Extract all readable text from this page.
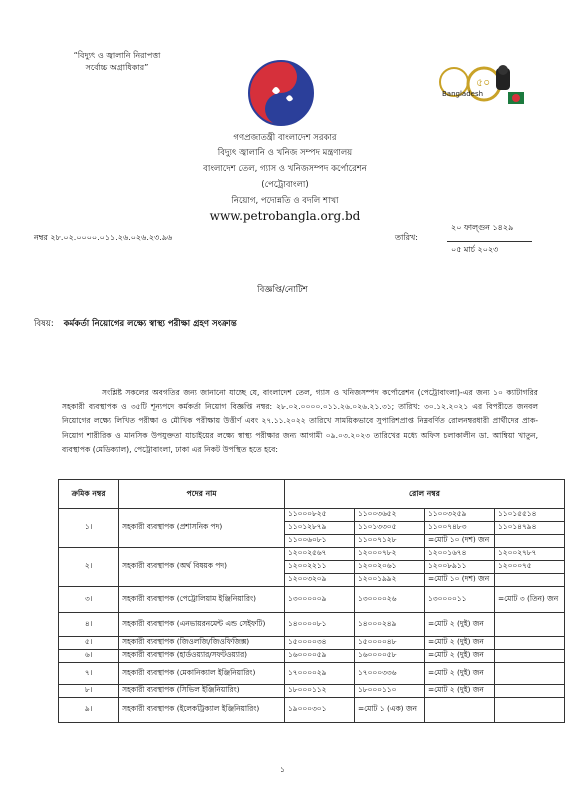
“বিদ্যুৎ ও জ্বালানি নিরাপত্তা
সর্বোচ্চ অগ্রাধিকার”
Bangladesh
৫০
গণপ্রজাতন্ত্রী বাংলাদেশ সরকার
বিদ্যুৎ জ্বালানি ও খনিজ সম্পদ মন্ত্রণালয়
বাংলাদেশ তেল, গ্যাস ও খনিজসম্পদ কর্পোরেশন
(পেট্রোবাংলা)
নিয়োগ, পদোন্নতি ও বদলি শাখা
www.petrobangla.org.bd
নম্বর ২৮.০২.০০০০.০১১.২৬.০২৬.২৩.৯৬	তারিখ:
২০ ফাল্গুন ১৪২৯
০৫ মার্চ ২০২৩
বিজ্ঞপ্তি/নোটিশ
বিষয়: কর্মকর্তা নিয়োগের লক্ষ্যে স্বাস্থ্য পরীক্ষা গ্রহণ সংক্রান্ত
সংশ্লিষ্ট সকলের অবগতির জন্য জানানো যাচ্ছে যে, বাংলাদেশ তেল, গ্যাস ও খনিজসম্পদ কর্পোরেশন (পেট্রোবাংলা)-এর জন্য ১০ ক্যাটাগরির সহকারী ব্যবস্থাপক ও ৩৫টি শূন্যপদে কর্মকর্তা নিয়োগ বিজ্ঞপ্তি নম্বর: ২৮.০২.০০০০.০১১.২৬.০২৬.২১.৩১; তারিখ: ৩০.১২.২০২১ এর বিপরীতে জনবল নিয়োগের লক্ষ্যে লিখিত পরীক্ষা ও মৌখিক পরীক্ষায় উত্তীর্ণ এবং ২৭.১১.২০২২ তারিখে সাময়িকভাবে সুপারিশপ্রাপ্ত নিম্নবর্ণিত রোলনম্বরধারী প্রার্থীদের প্রাক-নিয়োগ শারীরিক ও মানসিক উপযুক্ততা যাচাইয়ের লক্ষ্যে স্বাস্থ্য পরীক্ষার জন্য আগামী ০৯.০৩.২০২৩ তারিখের মধ্যে অফিস চলাকালীন ডা. আম্বিয়া খাতুন, ব্যবস্থাপক (মেডিক্যাল), পেট্রোবাংলা, ঢাকা এর নিকট উপস্থিত হতে হবে:
ক্রমিক নম্বর	পদের নাম	রোল নম্বর			
১।	সহকারী ব্যবস্থাপক (প্রশাসনিক পদ)	১১০০০৮২৫	১১০০৩৬৫২	১১০০৩২৫৯	১১০১৫৫১৪
		১১০১২৮৭৯	১১০১৩৩০৫	১১০০৭৪৮৩	১১০১৪৭৯৪
		১১০০৬০৮১	১১০০৭১২৮	=মোট ১০ (দশ) জন	
২।	সহকারী ব্যবস্থাপক (অর্থ বিষয়ক পদ)	১২০০২৫৬৭	১২০০০৭৮২	১২০০১৬৭৪	১২০০২৭৮৭
		১২০০২২১১	১২০০২০৬১	১২০০৮৯১১	১২০০০৭৫
		১২০০৩২০৯	১২০০১৯৯২	=মোট ১০ (দশ) জন	
৩।	সহকারী ব্যবস্থাপক (পেট্রোলিয়াম ইঞ্জিনিয়ারিং)	১৩০০০০০৯	১৩০০০০২৬	১৩০০০০১১	=মোট ৩ (তিন) জন
৪।	সহকারী ব্যবস্থাপক (এনভায়রনমেন্ট এন্ড সেইফটি)	১৪০০০০৮১	১৪০০০২৪৯	=মোট ২ (দুই) জন	
৫।	সহকারী ব্যবস্থাপক (জিওলজি/জিওফিজিক্স)	১৫০০০০৩৪	১৫০০০০৪৮	=মোট ২ (দুই) জন	
৬।	সহকারী ব্যবস্থাপক (হার্ডওয়্যার/সফটওয়্যার)	১৬০০০০৫৯	১৬০০০০৫৮	=মোট ২ (দুই) জন	
৭।	সহকারী ব্যবস্থাপক (মেকানিক্যাল ইঞ্জিনিয়ারিং)	১৭০০০০২৯	১৭০০০৩৩৬	=মোট ২ (দুই) জন	
৮।	সহকারী ব্যবস্থাপক (সিভিল ইঞ্জিনিয়ারিং)	১৮০০০১১২	১৮০০০১১০	=মোট ২ (দুই) জন	
৯।	সহকারী ব্যবস্থাপক (ইলেকট্রিক্যাল ইঞ্জিনিয়ারিং)	১৯০০০৩০১	=মোট ১ (এক) জন		
১
